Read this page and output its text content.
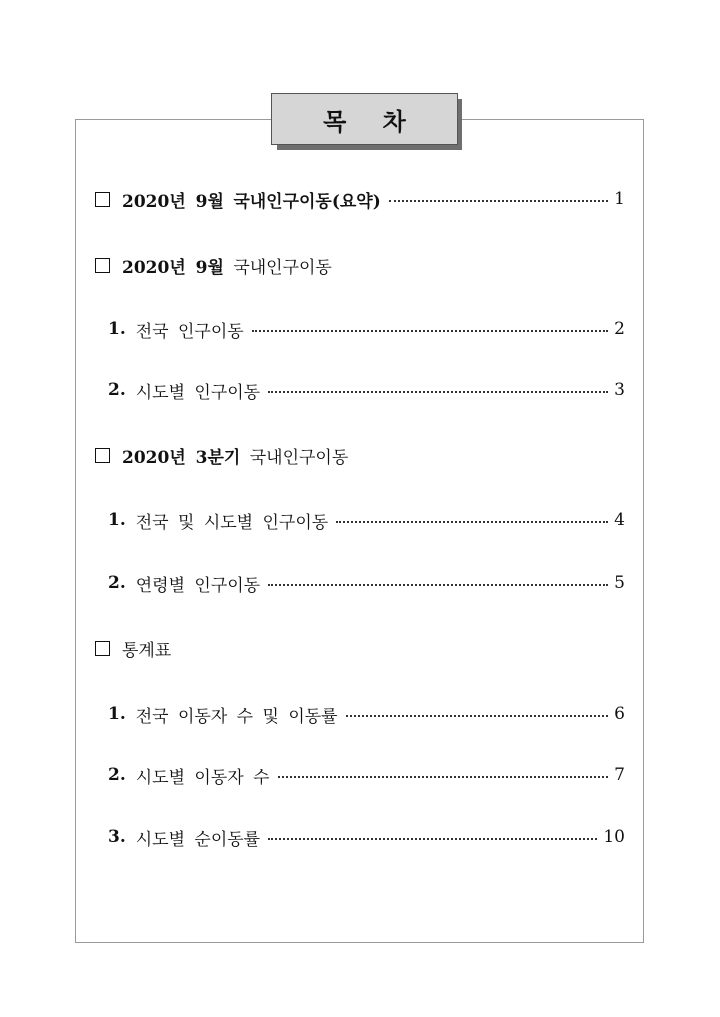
목 차
2020년 9월 국내인구이동(요약)	1
2020년 9월 국내인구이동
1. 전국 인구이동	2
2. 시도별 인구이동	3
2020년 3분기 국내인구이동
1. 전국 및 시도별 인구이동	4
2. 연령별 인구이동	5
통계표
1. 전국 이동자 수 및 이동률	6
2. 시도별 이동자 수	7
3. 시도별 순이동률	10
